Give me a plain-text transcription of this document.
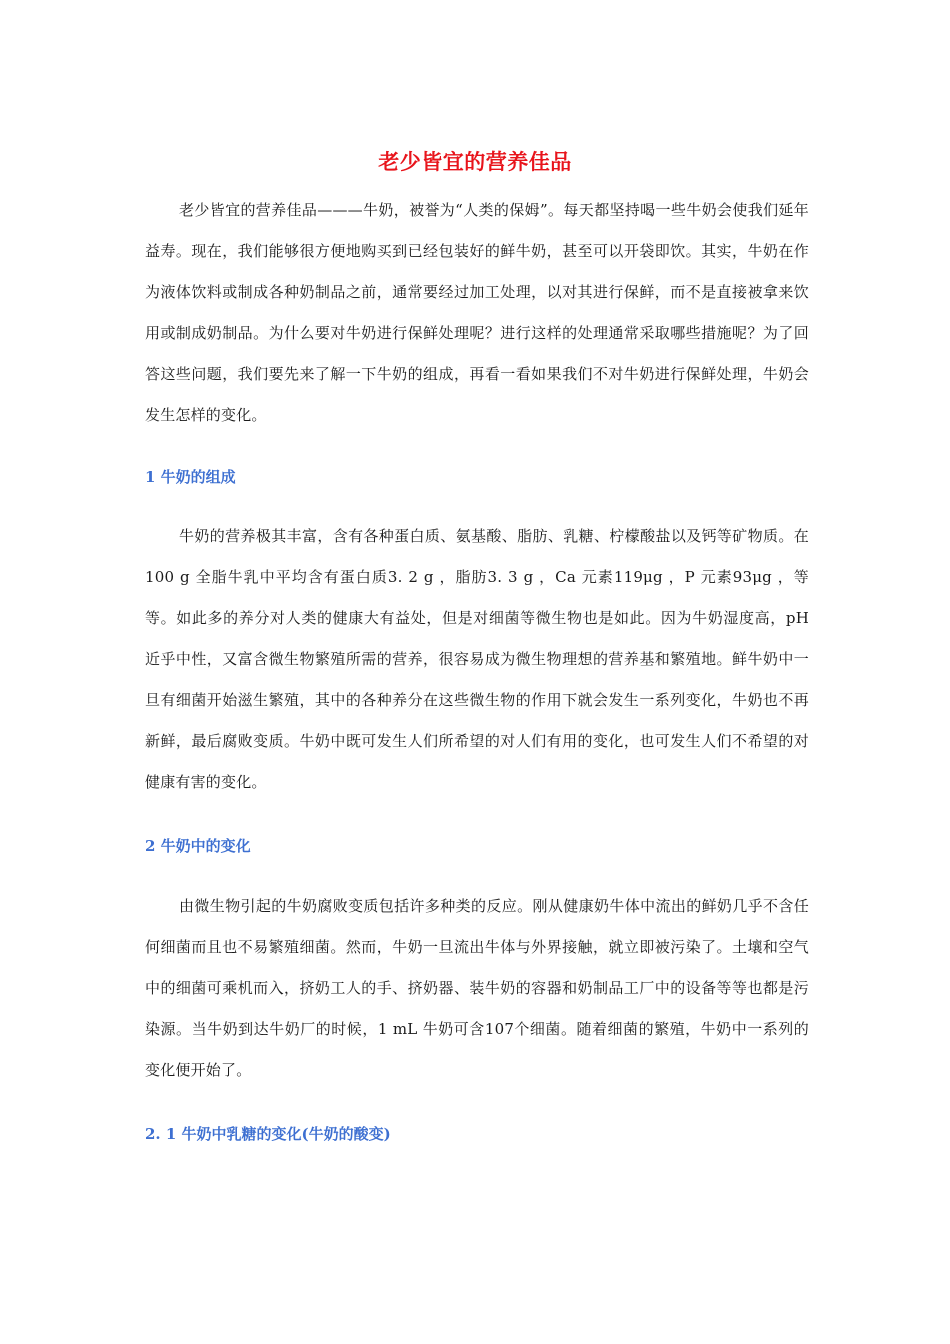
老少皆宜的营养佳品

老少皆宜的营养佳品———牛奶，被誉为“人类的保姆”。每天都坚持喝一些牛奶会使我们延年益寿。现在，我们能够很方便地购买到已经包装好的鲜牛奶，甚至可以开袋即饮。其实，牛奶在作为液体饮料或制成各种奶制品之前，通常要经过加工处理，以对其进行保鲜，而不是直接被拿来饮用或制成奶制品。为什么要对牛奶进行保鲜处理呢？进行这样的处理通常采取哪些措施呢？为了回答这些问题，我们要先来了解一下牛奶的组成，再看一看如果我们不对牛奶进行保鲜处理，牛奶会发生怎样的变化。

1 牛奶的组成

牛奶的营养极其丰富，含有各种蛋白质、氨基酸、脂肪、乳糖、柠檬酸盐以及钙等矿物质。在100 g 全脂牛乳中平均含有蛋白质3. 2 g ，脂肪3. 3 g ，Ca 元素119μg ，P 元素93μg ，等等。如此多的养分对人类的健康大有益处，但是对细菌等微生物也是如此。因为牛奶湿度高，pH 近乎中性，又富含微生物繁殖所需的营养，很容易成为微生物理想的营养基和繁殖地。鲜牛奶中一旦有细菌开始滋生繁殖，其中的各种养分在这些微生物的作用下就会发生一系列变化，牛奶也不再新鲜，最后腐败变质。牛奶中既可发生人们所希望的对人们有用的变化，也可发生人们不希望的对健康有害的变化。

2 牛奶中的变化

由微生物引起的牛奶腐败变质包括许多种类的反应。刚从健康奶牛体中流出的鲜奶几乎不含任何细菌而且也不易繁殖细菌。然而，牛奶一旦流出牛体与外界接触，就立即被污染了。土壤和空气中的细菌可乘机而入，挤奶工人的手、挤奶器、装牛奶的容器和奶制品工厂中的设备等等也都是污染源。当牛奶到达牛奶厂的时候，1 mL 牛奶可含107个细菌。随着细菌的繁殖，牛奶中一系列的变化便开始了。

2. 1 牛奶中乳糖的变化(牛奶的酸变)
